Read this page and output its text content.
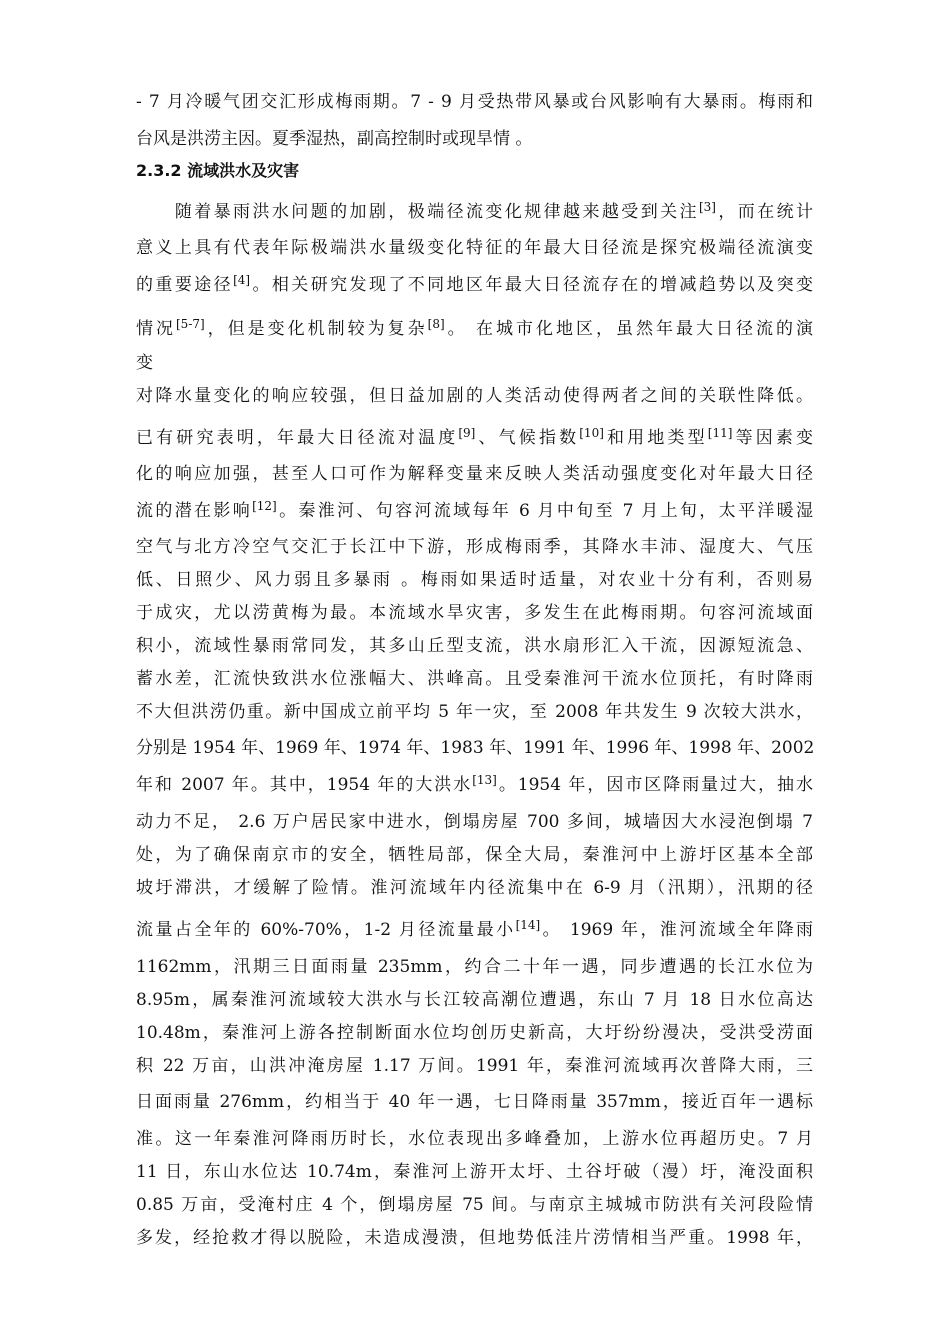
- 7 月冷暖气团交汇形成梅雨期。7 - 9 月受热带风暴或台风影响有大暴雨。梅雨和
台风是洪涝主因。夏季湿热，副高控制时或现旱情 。
2.3.2 流域洪水及灾害
　　随着暴雨洪水问题的加剧，极端径流变化规律越来越受到关注[3]，而在统计
意义上具有代表年际极端洪水量级变化特征的年最大日径流是探究极端径流演变
的重要途径[4]。相关研究发现了不同地区年最大日径流存在的增减趋势以及突变
情况[5-7]，但是变化机制较为复杂[8]。 在城市化地区，虽然年最大日径流的演
变
对降水量变化的响应较强，但日益加剧的人类活动使得两者之间的关联性降低。
已有研究表明，年最大日径流对温度[9]、气候指数[10]和用地类型[11]等因素变
化的响应加强，甚至人口可作为解释变量来反映人类活动强度变化对年最大日径
流的潜在影响[12]。秦淮河、句容河流域每年 6 月中旬至 7 月上旬，太平洋暖湿
空气与北方冷空气交汇于长江中下游，形成梅雨季，其降水丰沛、湿度大、气压
低、日照少、风力弱且多暴雨 。梅雨如果适时适量，对农业十分有利，否则易
于成灾，尤以涝黄梅为最。本流域水旱灾害，多发生在此梅雨期。句容河流域面
积小，流域性暴雨常同发，其多山丘型支流，洪水扇形汇入干流，因源短流急、
蓄水差，汇流快致洪水位涨幅大、洪峰高。且受秦淮河干流水位顶托，有时降雨
不大但洪涝仍重。新中国成立前平均 5 年一灾，至 2008 年共发生 9 次较大洪水，
分别是 1954 年、1969 年、1974 年、1983 年、1991 年、1996 年、1998 年、2002
年和 2007 年。其中，1954 年的大洪水[13]。1954 年，因市区降雨量过大，抽水
动力不足， 2.6 万户居民家中进水，倒塌房屋 700 多间，城墙因大水浸泡倒塌 7
处，为了确保南京市的安全，牺牲局部，保全大局，秦淮河中上游圩区基本全部
坡圩滞洪，才缓解了险情。淮河流域年内径流集中在 6-9 月（汛期），汛期的径
流量占全年的 60%-70%，1-2 月径流量最小[14]。 1969 年，淮河流域全年降雨
1162mm，汛期三日面雨量 235mm，约合二十年一遇，同步遭遇的长江水位为
8.95m，属秦淮河流域较大洪水与长江较高潮位遭遇，东山 7 月 18 日水位高达
10.48m，秦淮河上游各控制断面水位均创历史新高，大圩纷纷漫决，受洪受涝面
积 22 万亩，山洪冲淹房屋 1.17 万间。1991 年，秦淮河流域再次普降大雨，三
日面雨量 276mm，约相当于 40 年一遇，七日降雨量 357mm，接近百年一遇标
准。这一年秦淮河降雨历时长，水位表现出多峰叠加，上游水位再超历史。7 月
11 日，东山水位达 10.74m，秦淮河上游开太圩、土谷圩破（漫）圩，淹没面积
0.85 万亩，受淹村庄 4 个，倒塌房屋 75 间。与南京主城城市防洪有关河段险情
多发，经抢救才得以脱险，未造成漫溃，但地势低洼片涝情相当严重。1998 年，
